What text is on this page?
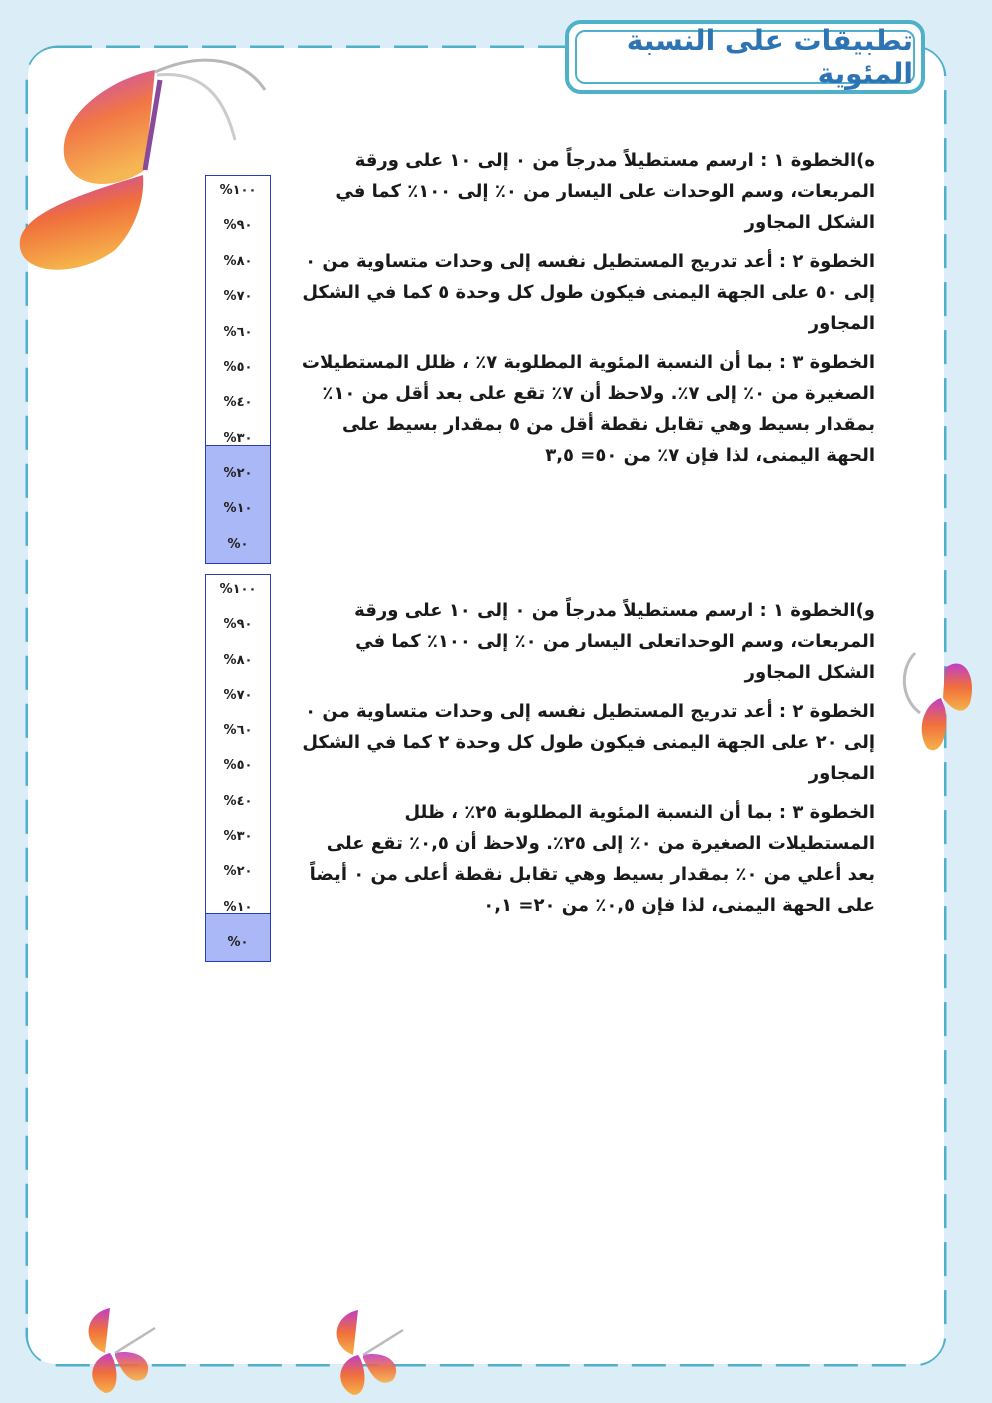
تطبيقات على النسبة المئوية

ه)الخطوة ١ : ارسم مستطيلاً مدرجاً من ٠ إلى ١٠ على ورقة المربعات، وسم الوحدات على اليسار من ٠٪ إلى ١٠٠٪ كما في الشكل المجاور

الخطوة ٢ : أعد تدريج المستطيل نفسه إلى وحدات متساوية من ٠ إلى ٥٠ على الجهة اليمنى فيكون طول كل وحدة ٥ كما في الشكل المجاور

الخطوة ٣ : بما أن النسبة المئوية المطلوبة ٧٪ ، ظلل المستطيلات الصغيرة من ٠٪ إلى ٧٪. ولاحظ أن ٧٪ تقع على بعد أقل من ١٠٪ بمقدار بسيط وهي تقابل نقطة أقل من ٥ بمقدار بسيط على الحهة اليمنى، لذا فإن ٧٪ من ٥٠= ٣,٥

%١٠٠
%٩٠
%٨٠
%٧٠
%٦٠
%٥٠
%٤٠
%٣٠
%٢٠
%١٠
%٠

و)الخطوة ١ : ارسم مستطيلاً مدرجاً من ٠ إلى ١٠ على ورقة المربعات، وسم الوحداتعلى اليسار من ٠٪ إلى ١٠٠٪ كما في الشكل المجاور

الخطوة ٢ : أعد تدريج المستطيل نفسه إلى وحدات متساوية من ٠ إلى ٢٠ على الجهة اليمنى فيكون طول كل وحدة ٢ كما في الشكل المجاور

الخطوة ٣ : بما أن النسبة المئوية المطلوبة ٢٥٪ ، ظلل المستطيلات الصغيرة من ٠٪ إلى ٢٥٪. ولاحظ أن ٠,٥٪ تقع على بعد أعلي من ٠٪ بمقدار بسيط وهي تقابل نقطة أعلى من ٠ أيضاً على الحهة اليمنى، لذا فإن ٠,٥٪ من ٢٠= ٠,١

%١٠٠
%٩٠
%٨٠
%٧٠
%٦٠
%٥٠
%٤٠
%٣٠
%٢٠
%١٠
%٠
